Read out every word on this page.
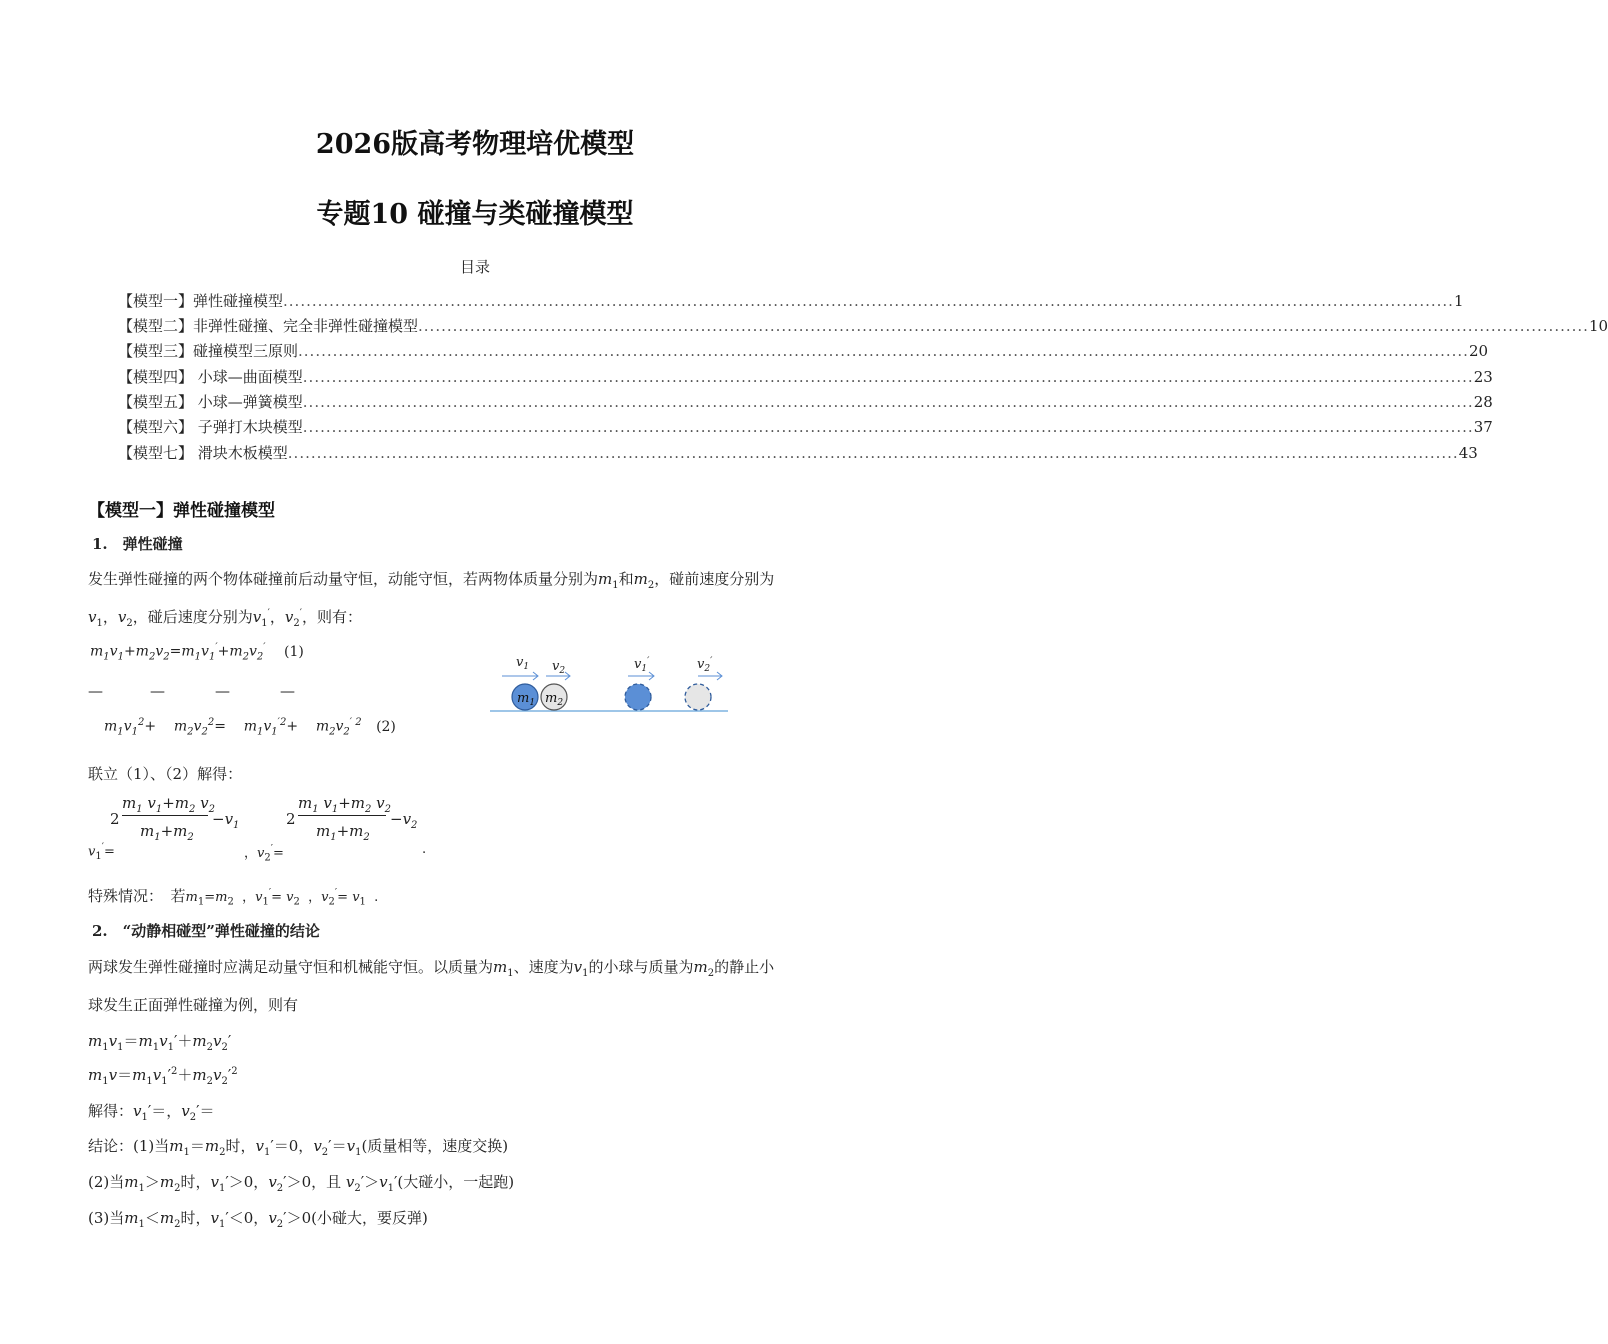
2026版高考物理培优模型
专题10 碰撞与类碰撞模型
目录
【模型一】弹性碰撞模型 ........................................................................................................................................................................................................... 1
【模型二】非弹性碰撞、完全非弹性碰撞模型 ........................................................................................................................................................................................................... 10
【模型三】碰撞模型三原则 ........................................................................................................................................................................................................... 20
【模型四】 小球—曲面模型 ........................................................................................................................................................................................................... 23
【模型五】 小球—弹簧模型 ........................................................................................................................................................................................................... 28
【模型六】 子弹打木块模型 ........................................................................................................................................................................................................... 37
【模型七】 滑块木板模型 ........................................................................................................................................................................................................... 43
【模型一】弹性碰撞模型
1.　弹性碰撞
发生弹性碰撞的两个物体碰撞前后动量守恒，动能守恒，若两物体质量分别为$m_1$和$m_2$，碰前速度分别为
$v_1$，$v_2$，碰后速度分别为$v_1'$，$v_2'$，则有：
$m_1v_1+m_2v_2=m_1v_1'+m_2v_2'$ (1)
—	—	—	—
$m_1v_1^2+$    $m_2v_2^2=$    $m_1v_1^{'2}+$    $m_2v_2^{' 2}$ (2)
$v_1$ $v_2$	$v_1'$	$v_2'$
$m_1$ $m_2$
联立（1）、（2）解得：
2
$m_1$ $v_1+m_2$ $v_2$
$m_1+m_2$
$-v_1$
$v_1'=$	，$v_2'=$
2
$m_1$ $v_1+m_2$ $v_2$
$m_1+m_2$
$-v_2$
.
特殊情况：　若$m_1=m_2$  ，$v_1'= v_2$  ，$v_2'= v_1$  .
2.　“动静相碰型”弹性碰撞的结论
两球发生弹性碰撞时应满足动量守恒和机械能守恒。以质量为$m_1$、速度为$v_1$的小球与质量为$m_2$的静止小
球发生正面弹性碰撞为例，则有
$m_1v_1=m_1v_1'+m_2v_2'$
$m_1v=m_1v_1'^2+m_2v_2'^2$
解得：$v_1'=$，$v_2'=$
结论：(1)当$m_1=m_2$时，$v_1'=0$，$v_2'=v_1$(质量相等，速度交换)
(2)当$m_1>m_2$时，$v_1'>0$，$v_2'>0$，且 $v_2'>v_1'$(大碰小，一起跑)
(3)当$m_1<m_2$时，$v_1'<0$，$v_2'>0$(小碰大，要反弹)
